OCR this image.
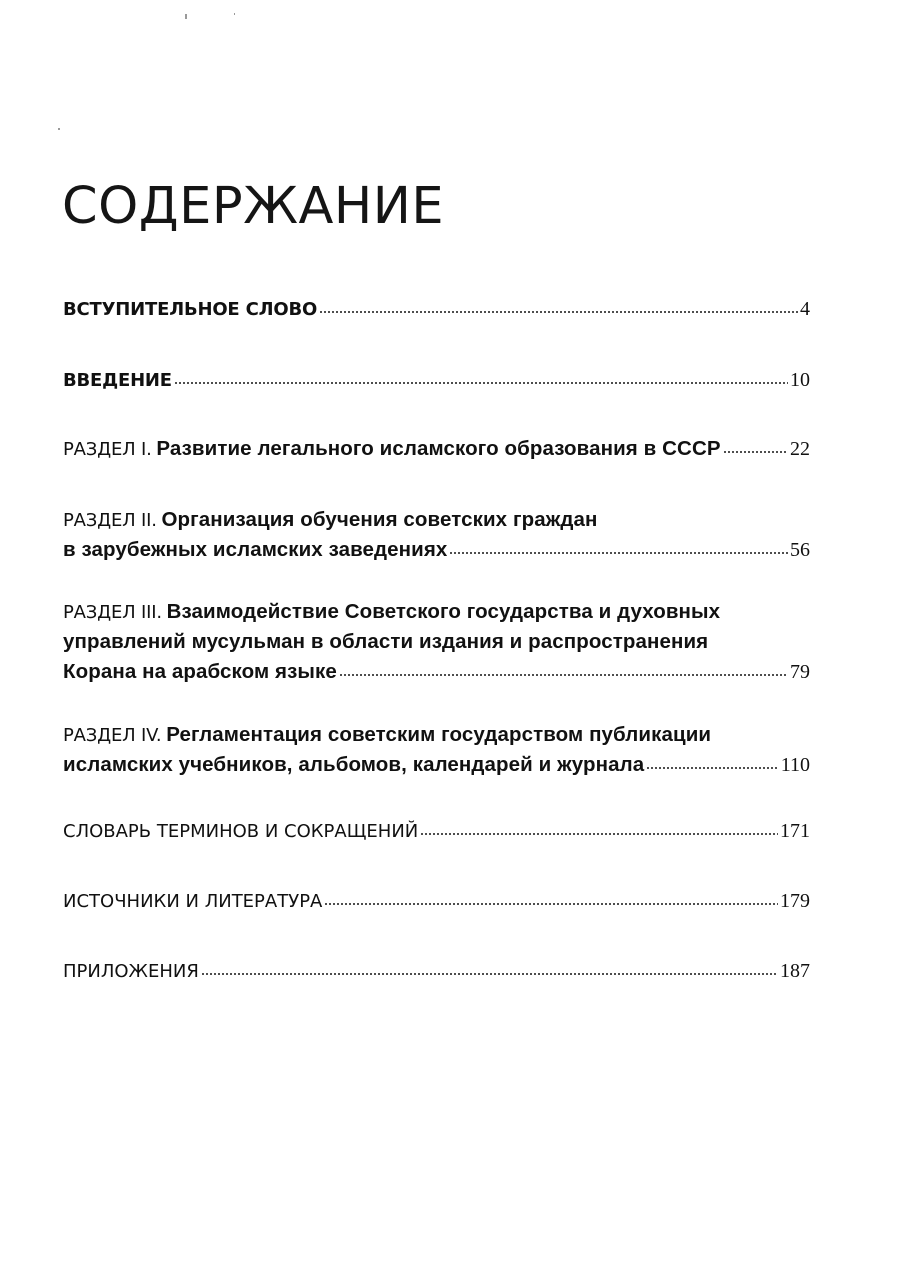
СОДЕРЖАНИЕ
ВСТУПИТЕЛЬНОЕ СЛОВО	4
ВВЕДЕНИЕ	10
РАЗДЕЛ I. Развитие легального исламского образования в СССР	22
РАЗДЕЛ II. Организация обучения советских граждан
в зарубежных исламских заведениях	56
РАЗДЕЛ III. Взаимодействие Советского государства и духовных
управлений мусульман в области издания и распространения
Корана на арабском языке	79
РАЗДЕЛ IV. Регламентация советским государством публикации
исламских учебников, альбомов, календарей и журнала	110
СЛОВАРЬ ТЕРМИНОВ И СОКРАЩЕНИЙ	171
ИСТОЧНИКИ И ЛИТЕРАТУРА	179
ПРИЛОЖЕНИЯ	187
